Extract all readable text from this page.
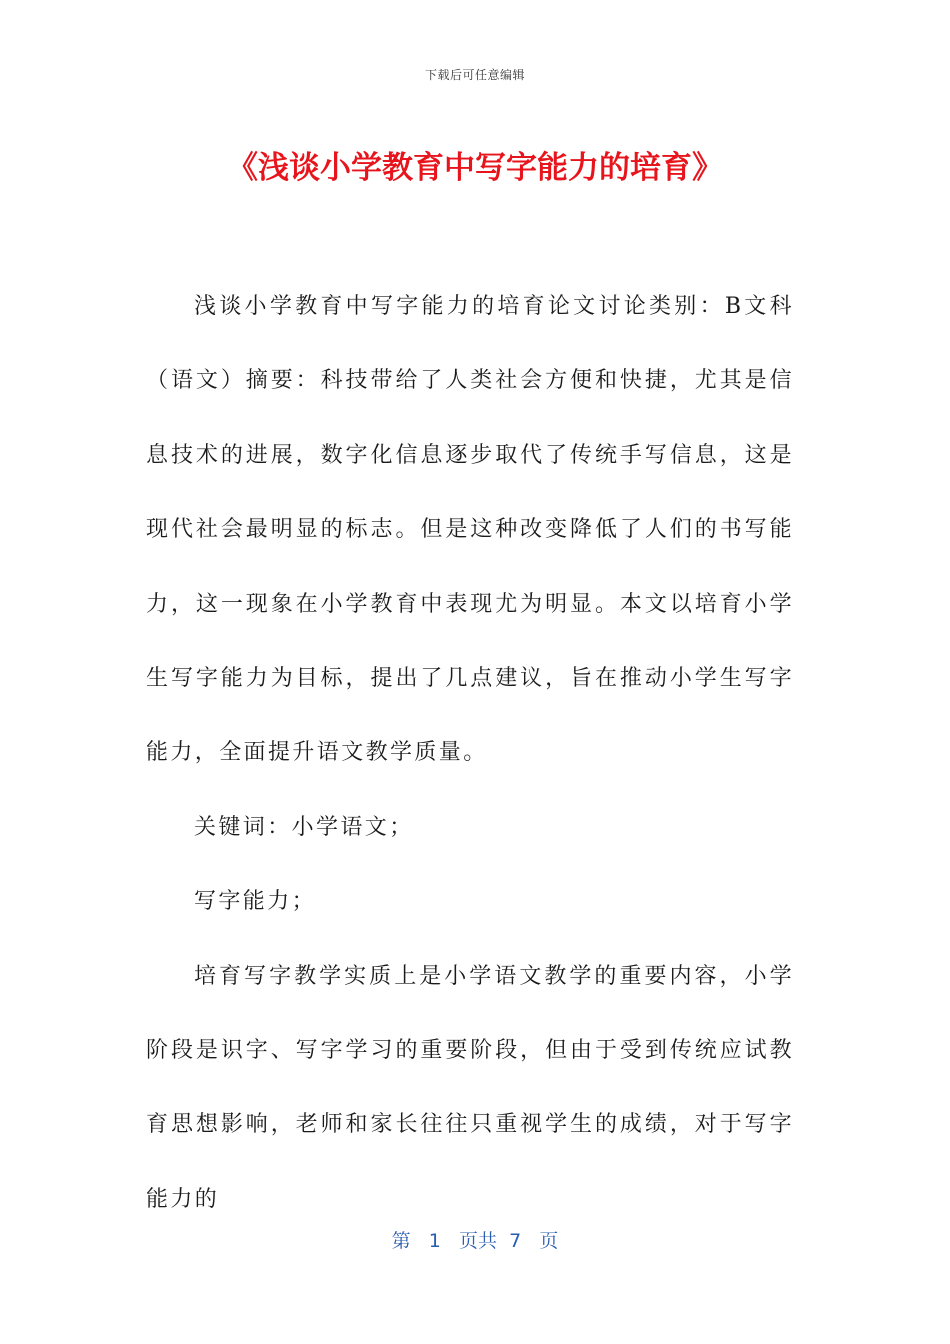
下载后可任意编辑
《浅谈小学教育中写字能力的培育》

浅谈小学教育中写字能力的培育论文讨论类别：B文科（语文）摘要：科技带给了人类社会方便和快捷，尤其是信息技术的进展，数字化信息逐步取代了传统手写信息，这是现代社会最明显的标志。但是这种改变降低了人们的书写能力，这一现象在小学教育中表现尤为明显。本文以培育小学生写字能力为目标，提出了几点建议，旨在推动小学生写字能力，全面提升语文教学质量。

关键词：小学语文；

写字能力；

培育写字教学实质上是小学语文教学的重要内容，小学阶段是识字、写字学习的重要阶段，但由于受到传统应试教育思想影响，老师和家长往往只重视学生的成绩，对于写字能力的

第 1 页共 7 页
